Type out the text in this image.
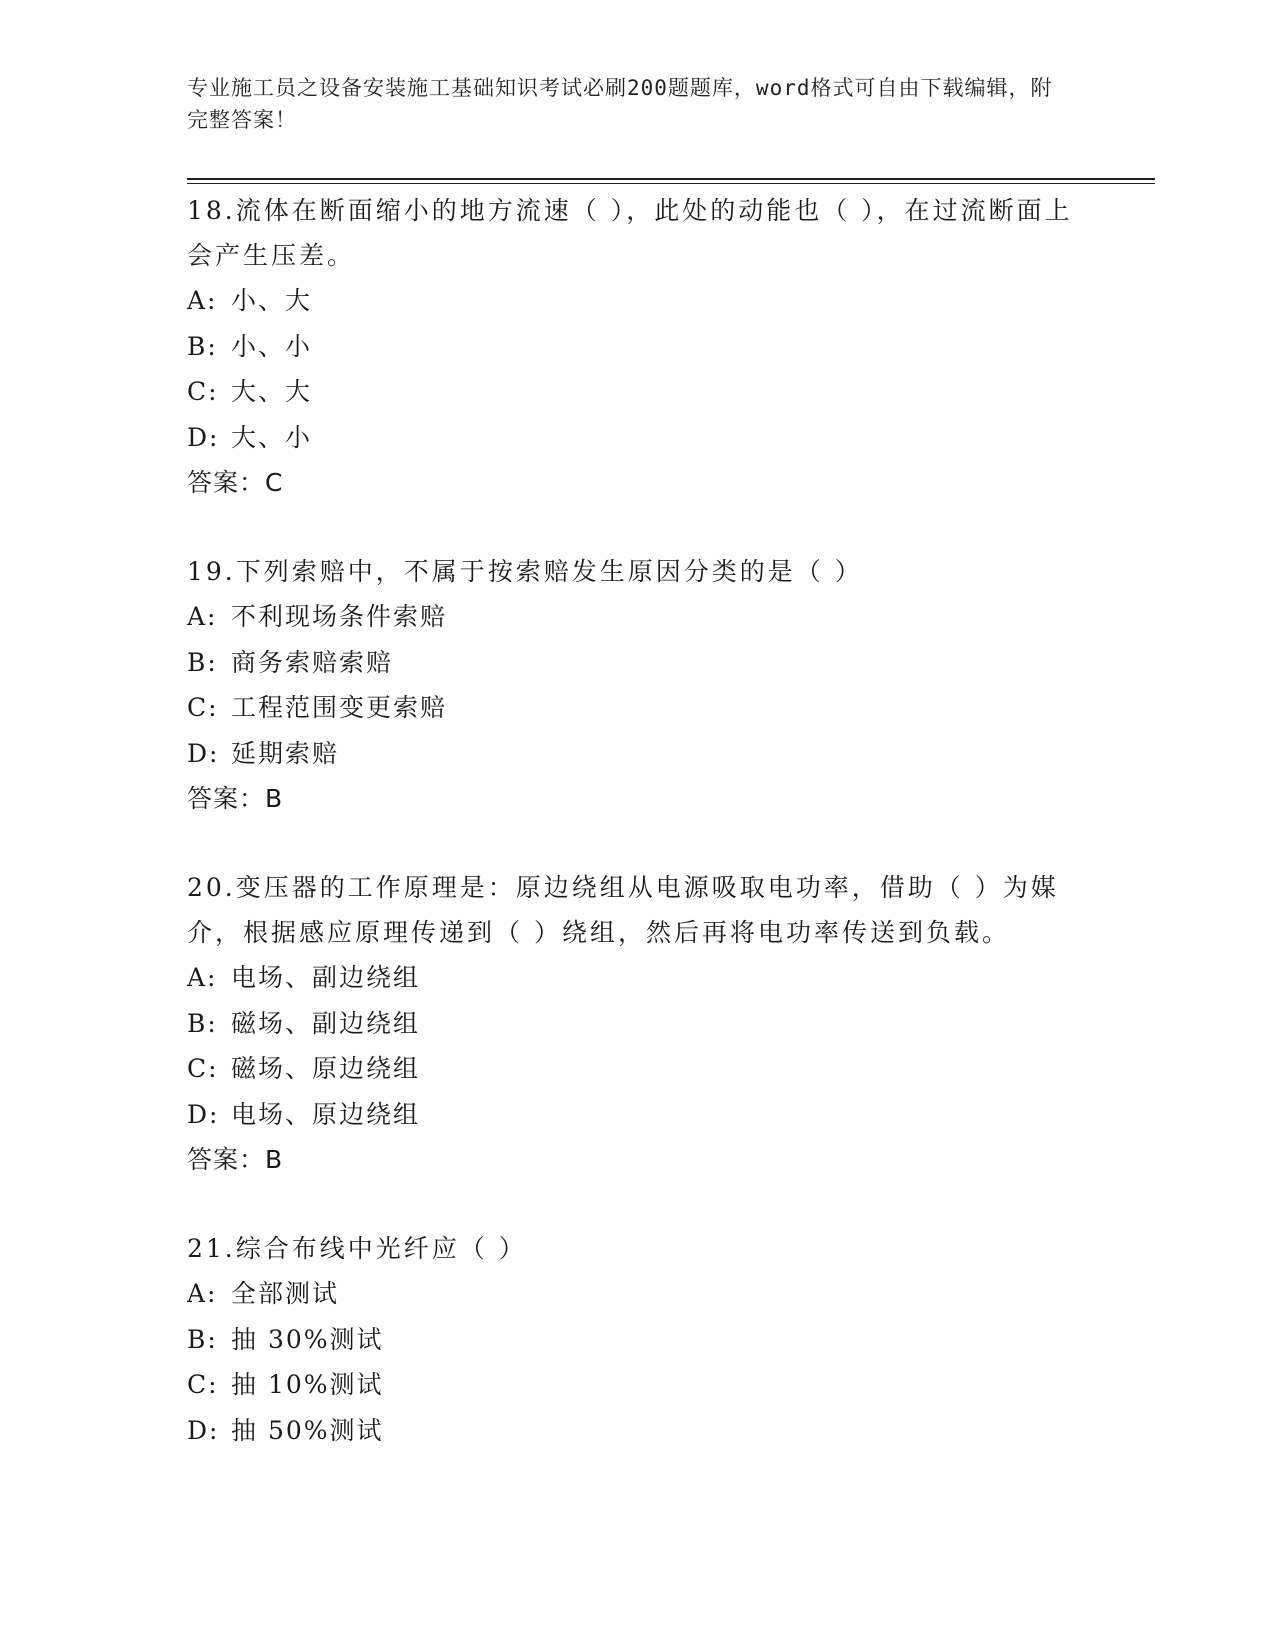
专业施工员之设备安装施工基础知识考试必刷200题题库，word格式可自由下载编辑，附完整答案！
18.流体在断面缩小的地方流速（ ），此处的动能也（ ），在过流断面上会产生压差。
A: 小、大
B: 小、小
C: 大、大
D: 大、小
答案：C
19.下列索赔中，不属于按索赔发生原因分类的是（ ）
A: 不利现场条件索赔
B: 商务索赔索赔
C: 工程范围变更索赔
D: 延期索赔
答案：B
20.变压器的工作原理是：原边绕组从电源吸取电功率，借助（ ）为媒介，根据感应原理传递到（ ）绕组，然后再将电功率传送到负载。
A: 电场、副边绕组
B: 磁场、副边绕组
C: 磁场、原边绕组
D: 电场、原边绕组
答案：B
21.综合布线中光纤应（ ）
A: 全部测试
B: 抽 30%测试
C: 抽 10%测试
D: 抽 50%测试
